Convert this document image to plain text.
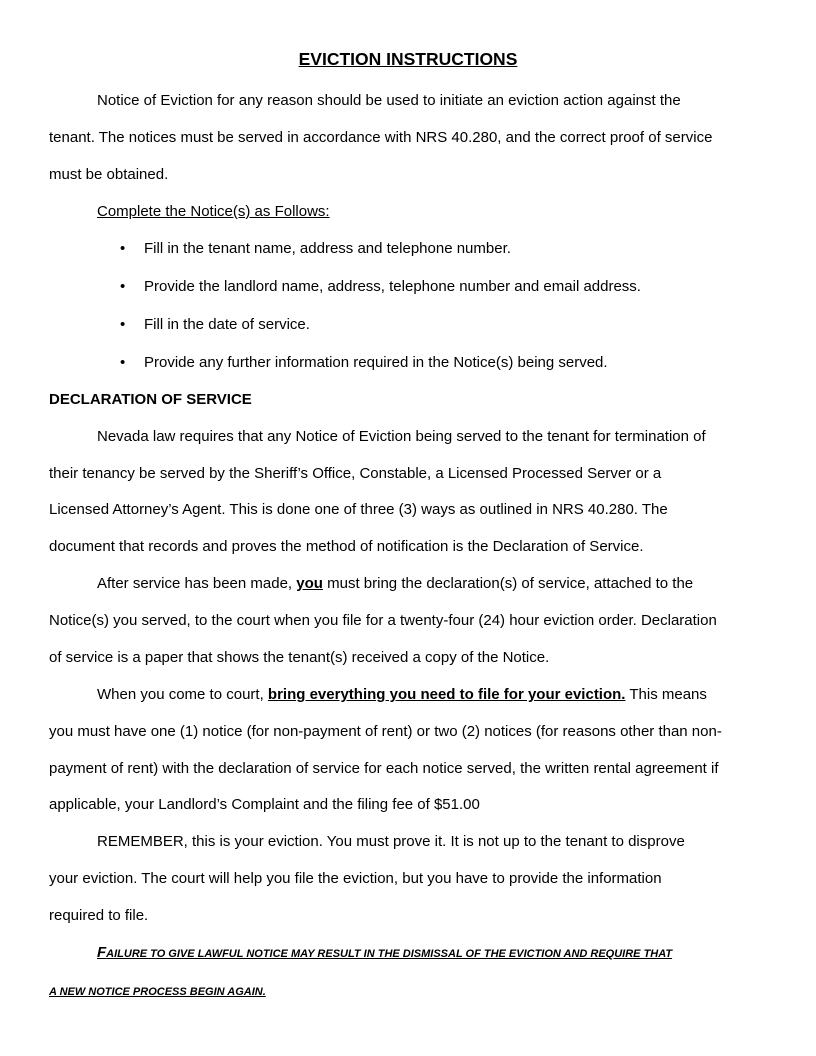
EVICTION INSTRUCTIONS
Notice of Eviction for any reason should be used to initiate an eviction action against the
tenant. The notices must be served in accordance with NRS 40.280, and the correct proof of service
must be obtained.
Complete the Notice(s) as Follows:
• Fill in the tenant name, address and telephone number.
• Provide the landlord name, address, telephone number and email address.
• Fill in the date of service.
• Provide any further information required in the Notice(s) being served.
DECLARATION OF SERVICE
Nevada law requires that any Notice of Eviction being served to the tenant for termination of
their tenancy be served by the Sheriff’s Office, Constable, a Licensed Processed Server or a
Licensed Attorney’s Agent. This is done one of three (3) ways as outlined in NRS 40.280. The
document that records and proves the method of notification is the Declaration of Service.
After service has been made, you must bring the declaration(s) of service, attached to the
Notice(s) you served, to the court when you file for a twenty-four (24) hour eviction order. Declaration
of service is a paper that shows the tenant(s) received a copy of the Notice.
When you come to court, bring everything you need to file for your eviction. This means
you must have one (1) notice (for non-payment of rent) or two (2) notices (for reasons other than non-
payment of rent) with the declaration of service for each notice served, the written rental agreement if
applicable, your Landlord’s Complaint and the filing fee of $51.00
REMEMBER, this is your eviction. You must prove it. It is not up to the tenant to disprove
your eviction. The court will help you file the eviction, but you have to provide the information
required to file.
FAILURE TO GIVE LAWFUL NOTICE MAY RESULT IN THE DISMISSAL OF THE EVICTION AND REQUIRE THAT
A NEW NOTICE PROCESS BEGIN AGAIN.
